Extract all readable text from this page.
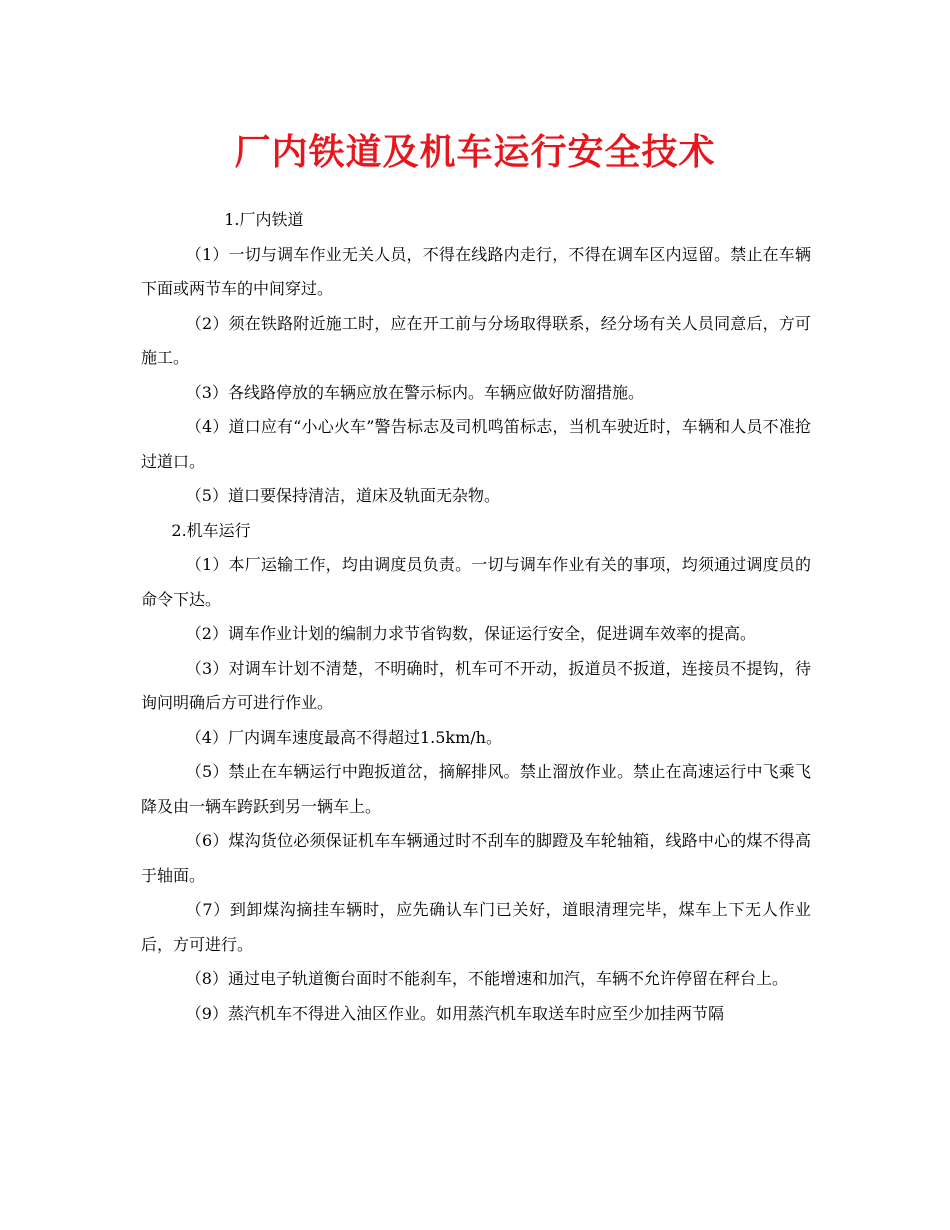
厂内铁道及机车运行安全技术

1.厂内铁道

（1）一切与调车作业无关人员，不得在线路内走行，不得在调车区内逗留。禁止在车辆下面或两节车的中间穿过。

（2）须在铁路附近施工时，应在开工前与分场取得联系，经分场有关人员同意后，方可施工。

（3）各线路停放的车辆应放在警示标内。车辆应做好防溜措施。

（4）道口应有“小心火车”警告标志及司机鸣笛标志，当机车驶近时，车辆和人员不准抢过道口。

（5）道口要保持清洁，道床及轨面无杂物。

2.机车运行

（1）本厂运输工作，均由调度员负责。一切与调车作业有关的事项，均须通过调度员的命令下达。

（2）调车作业计划的编制力求节省钩数，保证运行安全，促进调车效率的提高。

（3）对调车计划不清楚，不明确时，机车可不开动，扳道员不扳道，连接员不提钩，待询问明确后方可进行作业。

（4）厂内调车速度最高不得超过1.5km/h。

（5）禁止在车辆运行中跑扳道岔，摘解排风。禁止溜放作业。禁止在高速运行中飞乘飞降及由一辆车跨跃到另一辆车上。

（6）煤沟货位必须保证机车车辆通过时不刮车的脚蹬及车轮轴箱，线路中心的煤不得高于轴面。

（7）到卸煤沟摘挂车辆时，应先确认车门已关好，道眼清理完毕，煤车上下无人作业后，方可进行。

（8）通过电子轨道衡台面时不能刹车，不能增速和加汽，车辆不允许停留在秤台上。

（9）蒸汽机车不得进入油区作业。如用蒸汽机车取送车时应至少加挂两节隔
